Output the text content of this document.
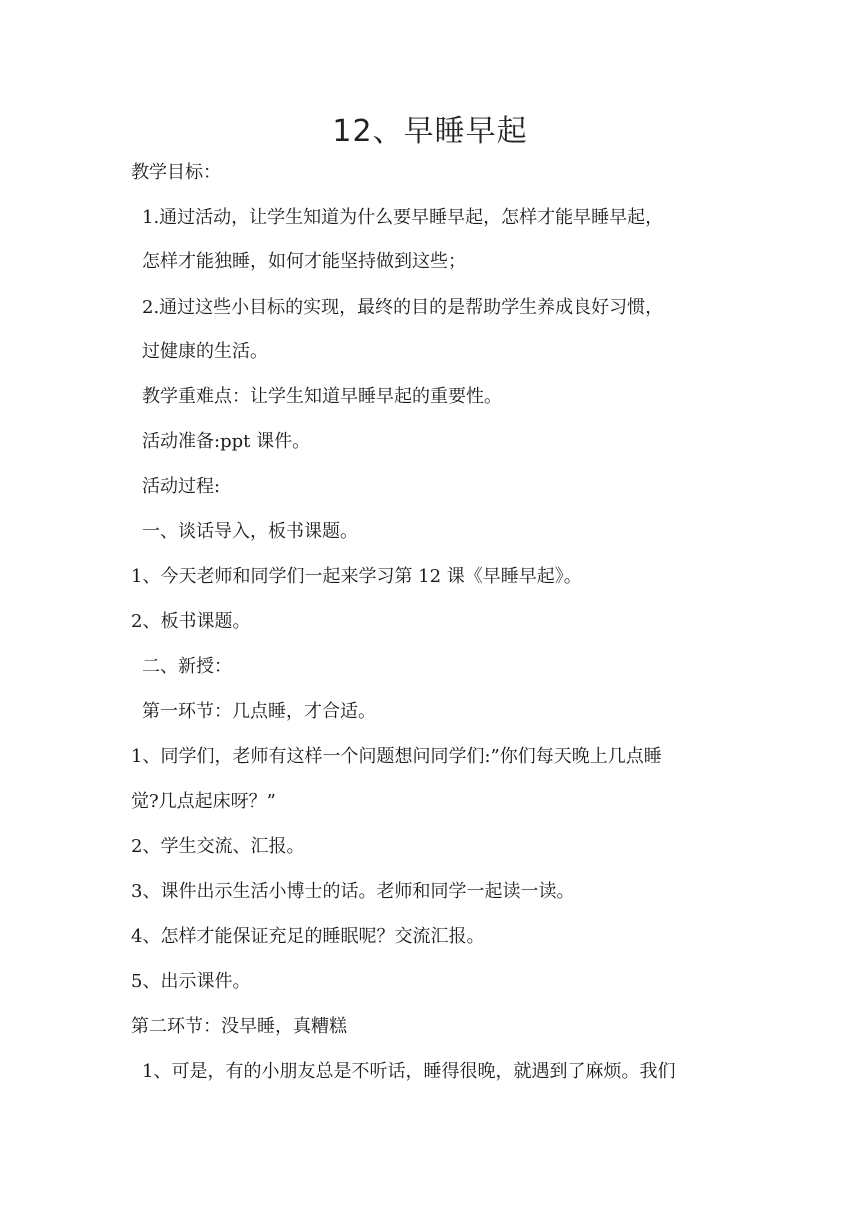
12、早睡早起
教学目标：
1.通过活动，让学生知道为什么要早睡早起，怎样才能早睡早起，
怎样才能独睡，如何才能坚持做到这些；
2.通过这些小目标的实现，最终的目的是帮助学生养成良好习惯，
过健康的生活。
教学重难点：让学生知道早睡早起的重要性。
活动准备:ppt 课件。
活动过程:
一、谈话导入，板书课题。
1、今天老师和同学们一起来学习第 12 课《早睡早起》。
2、板书课题。
二、新授：
第一环节：几点睡，才合适。
1、同学们，老师有这样一个问题想问同学们:”你们每天晚上几点睡
觉?几点起床呀？”
2、学生交流、汇报。
3、课件出示生活小博士的话。老师和同学一起读一读。
4、怎样才能保证充足的睡眠呢？交流汇报。
5、出示课件。
第二环节：没早睡，真糟糕
1、可是，有的小朋友总是不听话，睡得很晚，就遇到了麻烦。我们
